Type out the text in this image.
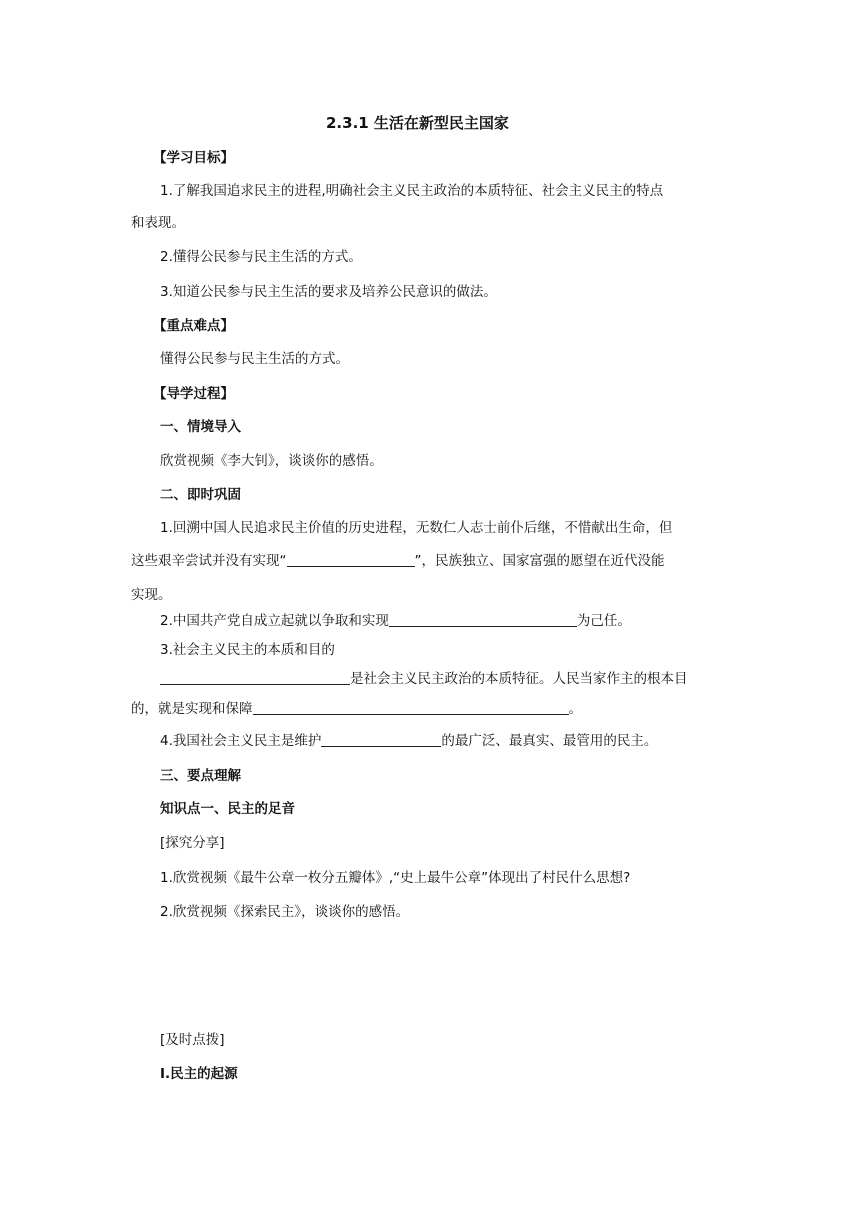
2.3.1 生活在新型民主国家
【学习目标】
1.了解我国追求民主的进程,明确社会主义民主政治的本质特征、社会主义民主的特点
和表现。
2.懂得公民参与民主生活的方式。
3.知道公民参与民主生活的要求及培养公民意识的做法。
【重点难点】
懂得公民参与民主生活的方式。
【导学过程】
一、情境导入
欣赏视频《李大钊》，谈谈你的感悟。
二、即时巩固
1.回溯中国人民追求民主价值的历史进程，无数仁人志士前仆后继，不惜献出生命，但
这些艰辛尝试并没有实现“	”，民族独立、国家富强的愿望在近代没能
实现。
2.中国共产党自成立起就以争取和实现	为己任。
3.社会主义民主的本质和目的
是社会主义民主政治的本质特征。人民当家作主的根本目
的，就是实现和保障	。
4.我国社会主义民主是维护	的最广泛、最真实、最管用的民主。
三、要点理解
知识点一、民主的足音
[探究分享]
1.欣赏视频《最牛公章一枚分五瓣体》,“史上最牛公章”体现出了村民什么思想?
2.欣赏视频《探索民主》，谈谈你的感悟。
[及时点拨]
Ⅰ.民主的起源
